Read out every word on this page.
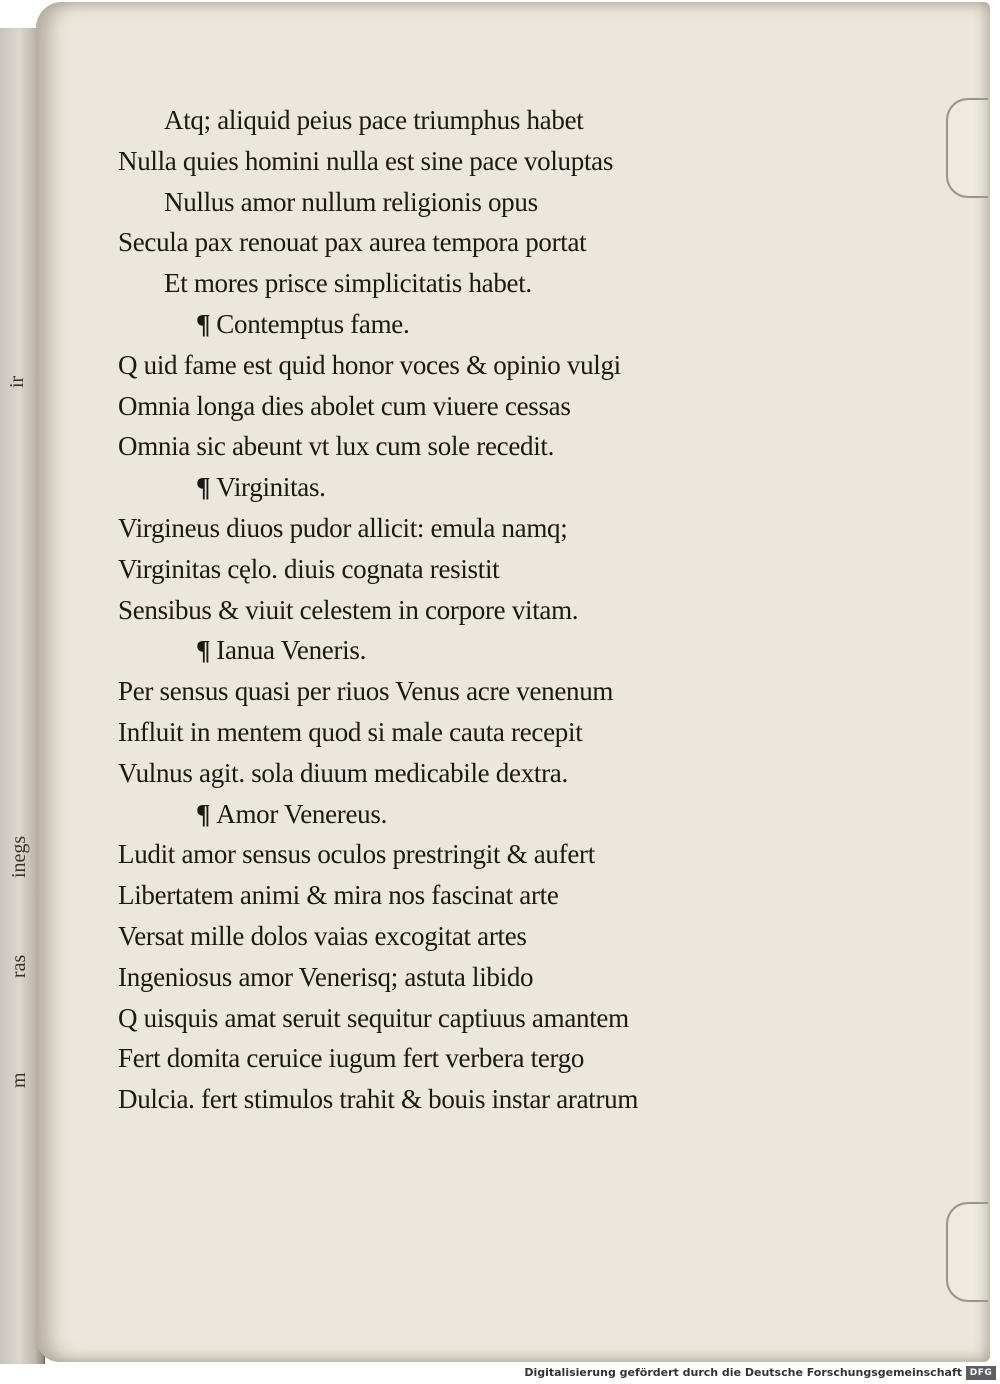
ir
inegs
ras
m
Atq; aliquid peius pace triumphus habet
Nulla quies homini nulla est sine pace voluptas
Nullus amor nullum religionis opus
Secula pax renouat pax aurea tempora portat
Et mores prisce simplicitatis habet.
¶ Contemptus fame.
Q uid fame est quid honor voces & opinio vulgi
Omnia longa dies abolet cum viuere cessas
Omnia sic abeunt vt lux cum sole recedit.
¶ Virginitas.
Virgineus diuos pudor allicit: emula namq;
Virginitas cęlo. diuis cognata resistit
Sensibus & viuit celestem in corpore vitam.
¶ Ianua Veneris.
Per sensus quasi per riuos Venus acre venenum
Influit in mentem quod si male cauta recepit
Vulnus agit. sola diuum medicabile dextra.
¶ Amor Venereus.
Ludit amor sensus oculos prestringit & aufert
Libertatem animi & mira nos fascinat arte
Versat mille dolos vaias excogitat artes
Ingeniosus amor Venerisq; astuta libido
Q uisquis amat seruit sequitur captiuus amantem
Fert domita ceruice iugum fert verbera tergo
Dulcia. fert stimulos trahit & bouis instar aratrum
Digitalisierung gefördert durch die Deutsche Forschungsgemeinschaft DFG
